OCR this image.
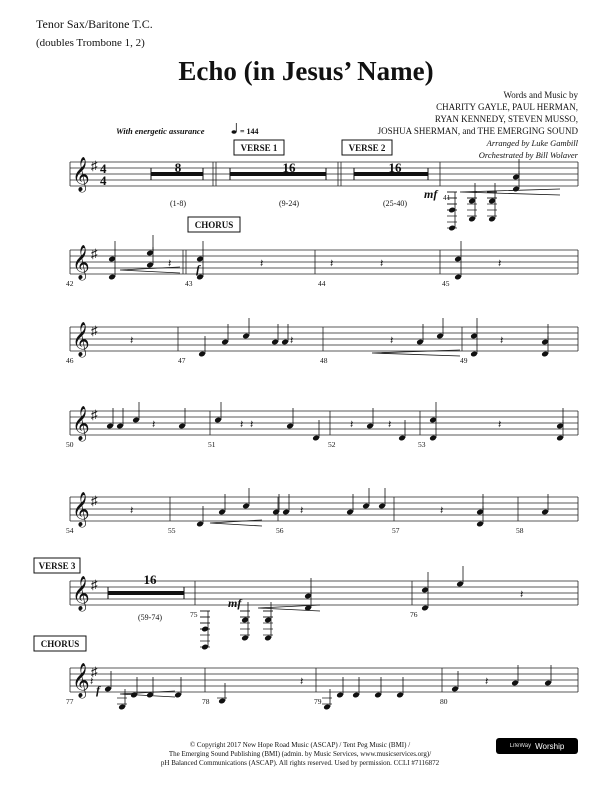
Tenor Sax/Baritone T.C.
(doubles Trombone 1, 2)
Echo (in Jesus’ Name)
Words and Music by
CHARITY GAYLE, PAUL HERMAN,
RYAN KENNEDY, STEVEN MUSSO,
JOSHUA SHERMAN, and THE EMERGING SOUND
Arranged by Luke Gambill
Orchestrated by Bill Wolaver
With energetic assurance	= 144
𝄞 ♯ 4
4
𝄞 ♯
𝄞 ♯
𝄞 ♯
𝄞 ♯
𝄞 ♯
𝄞 ♯
VERSE 1	VERSE 2
CHORUS
VERSE 3
CHORUS
8
(1-8)
16
(9-24)
16
(25-40)
16
(59-74)
mf
f
mf
f
41
42	43	44	45
46	47	48	49
50	51	52	53
54	55	56	57	58
75	76
77	78	79	80
𝄽	𝄽	𝄽	𝄽	𝄽
𝄽	𝄽	𝄽	𝄽
𝄽	𝄽 𝄽	𝄽	𝄽	𝄽
𝄽	𝄽	𝄽
𝄽
𝄽	𝄽	𝄽
© Copyright 2017 New Hope Road Music (ASCAP) / Tent Peg Music (BMI) /
The Emerging Sound Publishing (BMI) (admin. by Music Services, www.musicservices.org)/
pH Balanced Communications (ASCAP). All rights reserved. Used by permission. CCLI #7116872
LifeWay Worship
